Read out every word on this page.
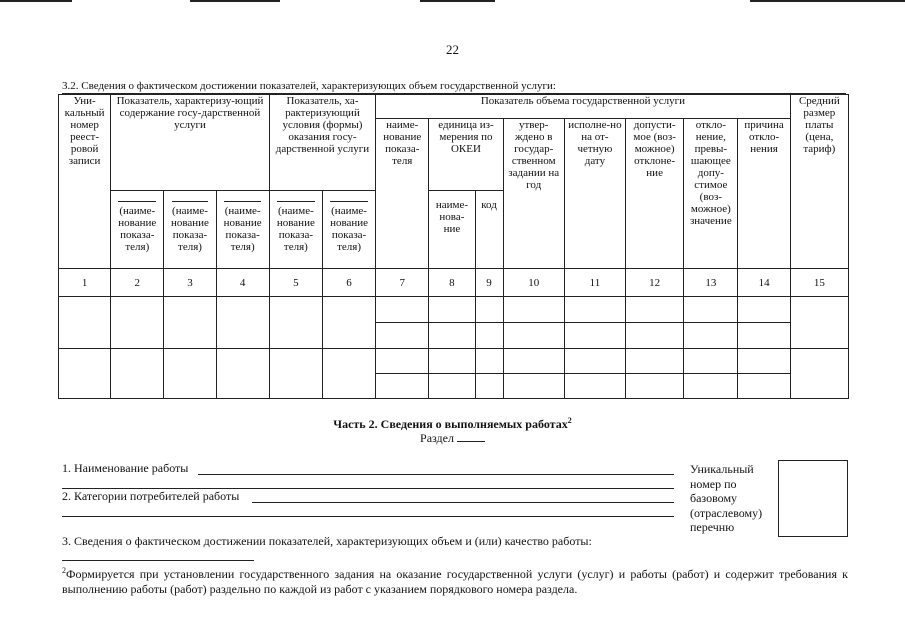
22
3.2. Сведения о фактическом достижении показателей, характеризующих объем государственной услуги:
Уни-кальный номер реест-ровой записи	Показатель, характеризу-ющий содержание госу-дарственной услуги			Показатель, ха-рактеризующий условия (формы) оказания госу-дарственной услуги		Показатель объема государственной услуги								Средний размер платы (цена, тариф)

						наиме-нование показа-теля	единица из-мерения по ОКЕИ		утвер-ждено в государ-ственном задании на год	исполне-но на от-четную дату	допусти-мое (воз-можное) отклоне-ние	откло-нение, превы-шающее допу-стимое (воз-можное) значение	причина откло-нения	

	(наиме-нование показа-теля)	(наиме-нование показа-теля)	(наиме-нование показа-теля)	(наиме-нование показа-теля)	(наиме-нование показа-теля)		наиме-нова-ние	код						

1	2	3	4	5	6	7	8	9	10	11	12	13	14	15

Часть 2. Сведения о выполняемых работах$^2$
Раздел
1. Наименование работы
2. Категории потребителей работы
Уникальный номер по базовому (отраслевому) перечню
3. Сведения о фактическом достижении показателей, характеризующих объем и (или) качество работы:
$^2$Формируется при установлении государственного задания на оказание государственной услуги (услуг) и работы (работ) и содержит требования к выполнению работы (работ) раздельно по каждой из работ с указанием порядкового номера раздела.
